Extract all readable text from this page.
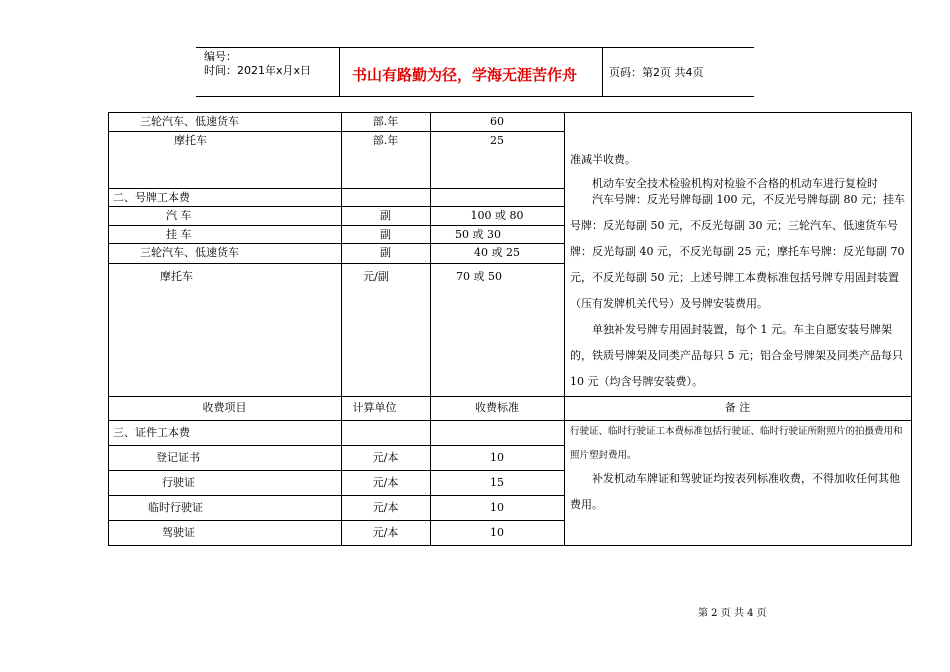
编号：
时间：2021年x月x日	书山有路勤为径，学海无涯苦作舟	页码：第2页 共4页
三轮汽车、低速货车	部.年	60
摩托车	部.年	25
二、号牌工本费
汽 车	副	100 或 80
挂 车	副	50 或 30
三轮汽车、低速货车	副	40 或 25
摩托车	元/副	70 或 50

准减半收费。

机动车安全技术检验机构对检验不合格的机动车进行复检时

汽车号牌：反光号牌每副 100 元，不反光号牌每副 80 元；挂车号牌：反光每副 50 元，不反光每副 30 元；三轮汽车、低速货车号牌：反光每副 40 元，不反光每副 25 元；摩托车号牌：反光每副 70 元，不反光每副 50 元；上述号牌工本费标准包括号牌专用固封装置（压有发牌机关代号）及号牌安装费用。

单独补发号牌专用固封装置，每个 1 元。车主自愿安装号牌架的，铁质号牌架及同类产品每只 5 元；铝合金号牌架及同类产品每只 10 元（均含号牌安装费）。

收费项目	计算单位	收费标准	备 注
三、证件工本费
登记证书	元/本	10
行驶证	元/本	15
临时行驶证	元/本	10
驾驶证	元/本	10

行驶证、临时行驶证工本费标准包括行驶证、临时行驶证所附照片的拍摄费用和照片塑封费用。

补发机动车牌证和驾驶证均按表列标准收费，不得加收任何其他费用。

第 2 页 共 4 页
